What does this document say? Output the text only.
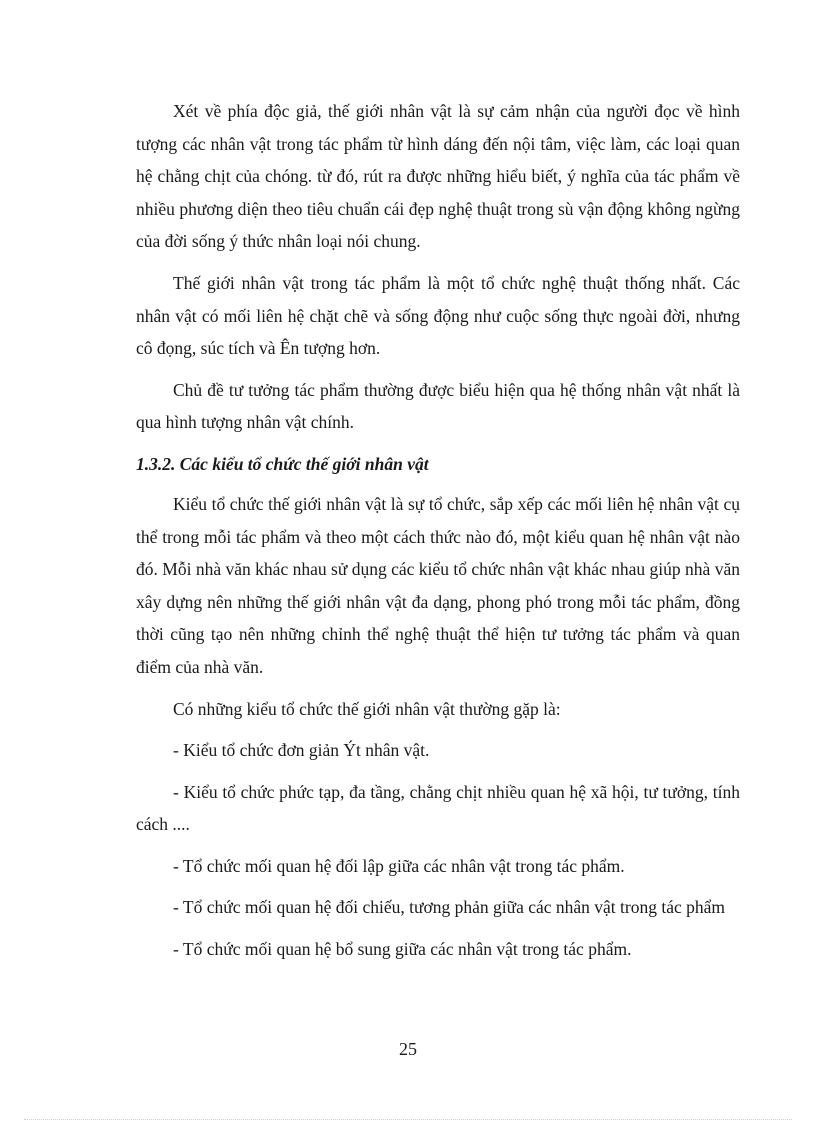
Xét về phía độc giả, thế giới nhân vật là sự cảm nhận của người đọc về hình tượng các nhân vật trong tác phẩm từ hình dáng đến nội tâm, việc làm, các loại quan hệ chằng chịt của chóng. từ đó, rút ra được những hiểu biết, ý nghĩa của tác phẩm về nhiều phương diện theo tiêu chuẩn cái đẹp nghệ thuật trong sù vận động không ngừng của đời sống ý thức nhân loại nói chung.

Thế giới nhân vật trong tác phẩm là một tổ chức nghệ thuật thống nhất. Các nhân vật có mối liên hệ chặt chẽ và sống động như cuộc sống thực ngoài đời, nhưng cô đọng, súc tích và Ên tượng hơn.

Chủ đề tư tưởng tác phẩm thường được biểu hiện qua hệ thống nhân vật nhất là qua hình tượng nhân vật chính.

1.3.2. Các kiểu tổ chức thế giới nhân vật

Kiểu tổ chức thế giới nhân vật là sự tổ chức, sắp xếp các mối liên hệ nhân vật cụ thể trong mỗi tác phẩm và theo một cách thức nào đó, một kiểu quan hệ nhân vật nào đó. Mỗi nhà văn khác nhau sử dụng các kiểu tổ chức nhân vật khác nhau giúp nhà văn xây dựng nên những thế giới nhân vật đa dạng, phong phó trong mỗi tác phẩm, đồng thời cũng tạo nên những chỉnh thể nghệ thuật thể hiện tư tưởng tác phẩm và quan điểm của nhà văn.

Có những kiểu tổ chức thế giới nhân vật thường gặp là:

- Kiểu tổ chức đơn giản Ýt nhân vật.

- Kiểu tổ chức phức tạp, đa tầng, chằng chịt nhiều quan hệ xã hội, tư tưởng, tính cách ....

- Tổ chức mối quan hệ đối lập giữa các nhân vật trong tác phẩm.

- Tổ chức mối quan hệ đối chiếu, tương phản giữa các nhân vật trong tác phẩm

- Tổ chức mối quan hệ bổ sung giữa các nhân vật trong tác phẩm.

25
